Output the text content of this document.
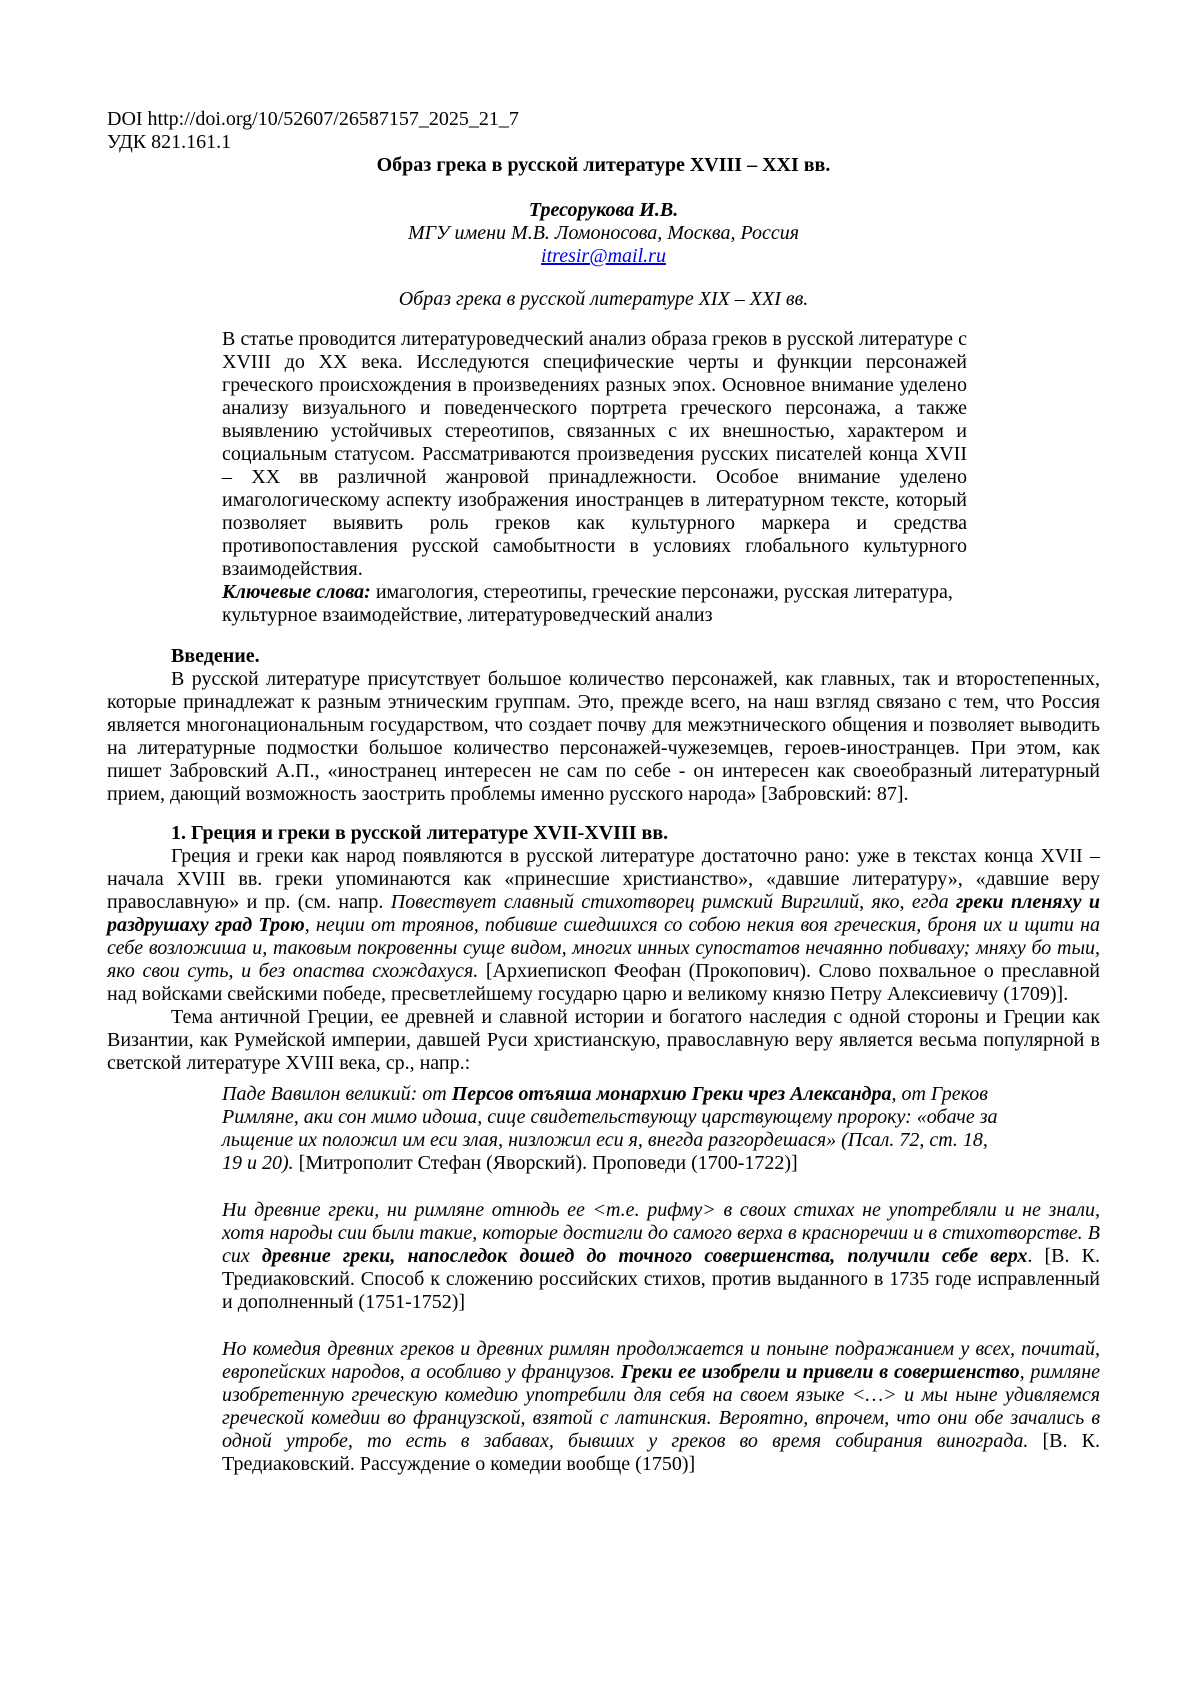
DOI http://doi.org/10/52607/26587157_2025_21_7
УДК 821.161.1
Образ грека в русской литературе XVIII – XXI вв.
Тресорукова И.В.
МГУ имени М.В. Ломоносова, Москва, Россия
itresir@mail.ru
Образ грека в русской литературе XIX – XXI вв.

В статье проводится литературоведческий анализ образа греков в русской литературе с XVIII до XX века. Исследуются специфические черты и функции персонажей греческого происхождения в произведениях разных эпох. Основное внимание уделено анализу визуального и поведенческого портрета греческого персонажа, а также выявлению устойчивых стереотипов, связанных с их внешностью, характером и социальным статусом. Рассматриваются произведения русских писателей конца XVII – XX вв различной жанровой принадлежности. Особое внимание уделено имагологическому аспекту изображения иностранцев в литературном тексте, который позволяет выявить роль греков как культурного маркера и средства противопоставления русской самобытности в условиях глобального культурного взаимодействия.

Ключевые слова: имагология, стереотипы, греческие персонажи, русская литература, культурное взаимодействие, литературоведческий анализ

Введение.

В русской литературе присутствует большое количество персонажей, как главных, так и второстепенных, которые принадлежат к разным этническим группам. Это, прежде всего, на наш взгляд связано с тем, что Россия является многонациональным государством, что создает почву для межэтнического общения и позволяет выводить на литературные подмостки большое количество персонажей-чужеземцев, героев-иностранцев. При этом, как пишет Забровский А.П., «иностранец интересен не сам по себе - он интересен как своеобразный литературный прием, дающий возможность заострить проблемы именно русского народа» [Забровский: 87].

1. Греция и греки в русской литературе XVII-XVIII вв.

Греция и греки как народ появляются в русской литературе достаточно рано: уже в текстах конца XVII – начала XVIII вв. греки упоминаются как «принесшие христианство», «давшие литературу», «давшие веру православную» и пр. (см. напр. Повествует славный стихотворец римский Виргилий, яко, егда греки пленяху и раздрушаху град Трою, неции от троянов, побивше сшедшихся со собою некия воя греческия, броня их и щити на себе возложиша и, таковым покровенны суще видом, многих инных супостатов нечаянно побиваху; мняху бо тыи, яко свои суть, и без опаства схождахуся. [Архиепископ Феофан (Прокопович). Слово похвальное о преславной над войсками свейскими победе, пресветлейшему государю царю и великому князю Петру Алексиевичу (1709)].

Тема античной Греции, ее древней и славной истории и богатого наследия с одной стороны и Греции как Византии, как Румейской империи, давшей Руси христианскую, православную веру является весьма популярной в светской литературе XVIII века, ср., напр.:

Паде Вавилон великий: от Персов отъяша монархию Греки чрез Александра, от Греков Римляне, аки сон мимо идоша, сице свидетельствующу царствующему пророку: «обаче за льщение их положил им еси злая, низложил еси я, внегда разгордешася» (Псал. 72, ст. 18, 19 и 20). [Митрополит Стефан (Яворский). Проповеди (1700-1722)]
Ни древние греки, ни римляне отнюдь ее <т.е. рифму> в своих стихах не употребляли и не знали, хотя народы сии были такие, которые достигли до самого верха в красноречии и в стихотворстве. В сих древние греки, напоследок дошед до точного совершенства, получили себе верх. [В. К. Тредиаковский. Способ к сложению российских стихов, против выданного в 1735 годе исправленный и дополненный (1751-1752)]
Но комедия древних греков и древних римлян продолжается и поныне подражанием у всех, почитай, европейских народов, а особливо у французов. Греки ее изобрели и привели в совершенство, римляне изобретенную греческую комедию употребили для себя на своем языке <…> и мы ныне удивляемся греческой комедии во французской, взятой с латинския. Вероятно, впрочем, что они обе зачались в одной утробе, то есть в забавах, бывших у греков во время собирания винограда. [В. К. Тредиаковский. Рассуждение о комедии вообще (1750)]
